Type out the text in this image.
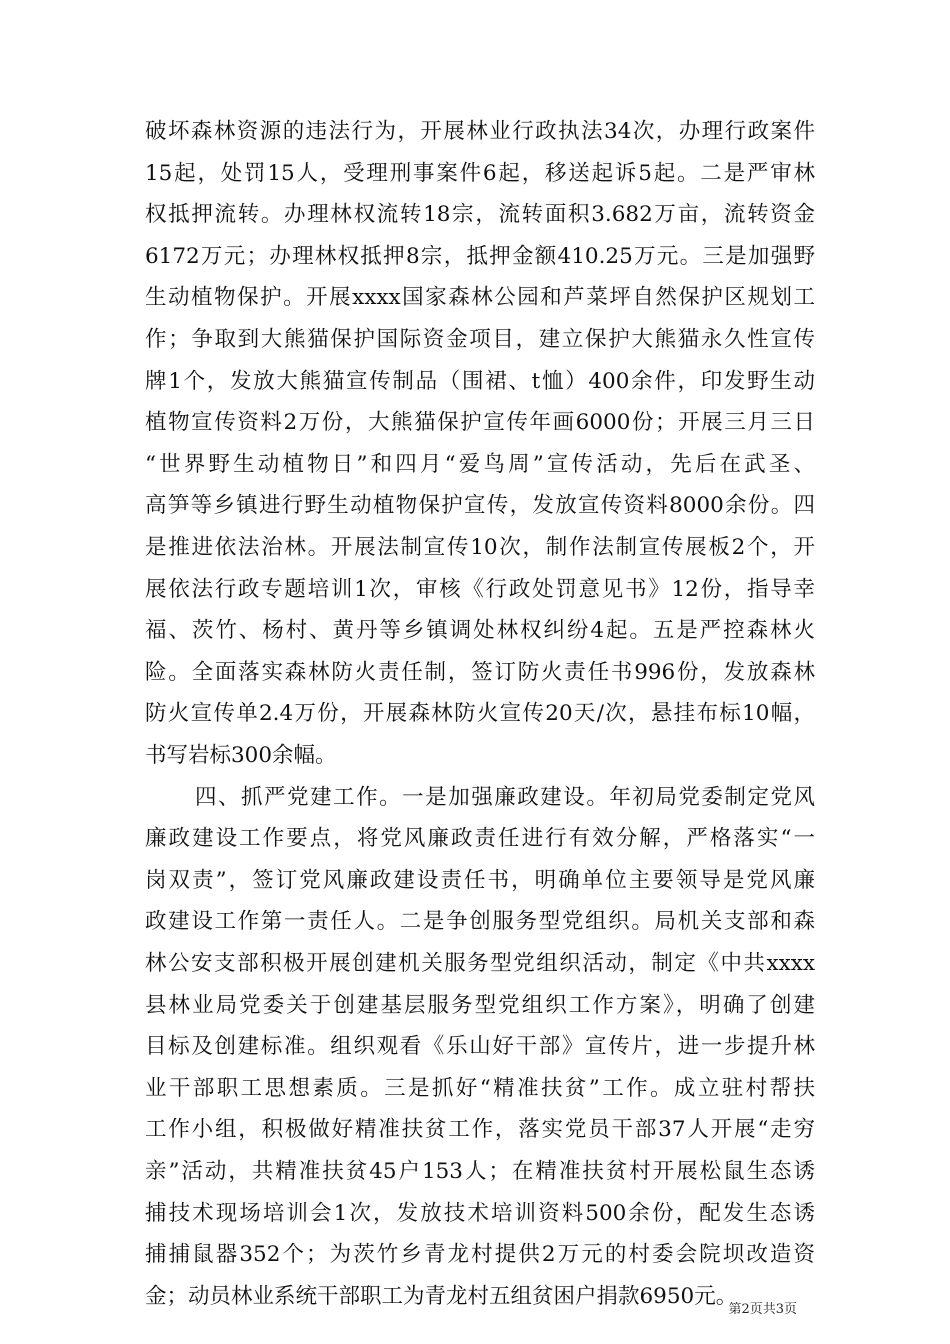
破坏森林资源的违法行为，开展林业行政执法34次，办理行政案件
15起，处罚15人，受理刑事案件6起，移送起诉5起。二是严审林
权抵押流转。办理林权流转18宗，流转面积3.682万亩，流转资金
6172万元；办理林权抵押8宗，抵押金额410.25万元。三是加强野
生动植物保护。开展xxxx国家森林公园和芦菜坪自然保护区规划工
作；争取到大熊猫保护国际资金项目，建立保护大熊猫永久性宣传
牌1个，发放大熊猫宣传制品（围裙、t恤）400余件，印发野生动
植物宣传资料2万份，大熊猫保护宣传年画6000份；开展三月三日
“世界野生动植物日”和四月“爱鸟周”宣传活动，先后在武圣、
高笋等乡镇进行野生动植物保护宣传，发放宣传资料8000余份。四
是推进依法治林。开展法制宣传10次，制作法制宣传展板2个，开
展依法行政专题培训1次，审核《行政处罚意见书》12份，指导幸
福、茨竹、杨村、黄丹等乡镇调处林权纠纷4起。五是严控森林火
险。全面落实森林防火责任制，签订防火责任书996份，发放森林
防火宣传单2.4万份，开展森林防火宣传20天/次，悬挂布标10幅，
书写岩标300余幅。
四、抓严党建工作。一是加强廉政建设。年初局党委制定党风
廉政建设工作要点，将党风廉政责任进行有效分解，严格落实“一
岗双责”，签订党风廉政建设责任书，明确单位主要领导是党风廉
政建设工作第一责任人。二是争创服务型党组织。局机关支部和森
林公安支部积极开展创建机关服务型党组织活动，制定《中共xxxx
县林业局党委关于创建基层服务型党组织工作方案》，明确了创建
目标及创建标准。组织观看《乐山好干部》宣传片，进一步提升林
业干部职工思想素质。三是抓好“精准扶贫”工作。成立驻村帮扶
工作小组，积极做好精准扶贫工作，落实党员干部37人开展“走穷
亲”活动，共精准扶贫45户153人；在精准扶贫村开展松鼠生态诱
捕技术现场培训会1次，发放技术培训资料500余份，配发生态诱
捕捕鼠器352个；为茨竹乡青龙村提供2万元的村委会院坝改造资
第2页共3页
金；动员林业系统干部职工为青龙村五组贫困户捐款6950元。
